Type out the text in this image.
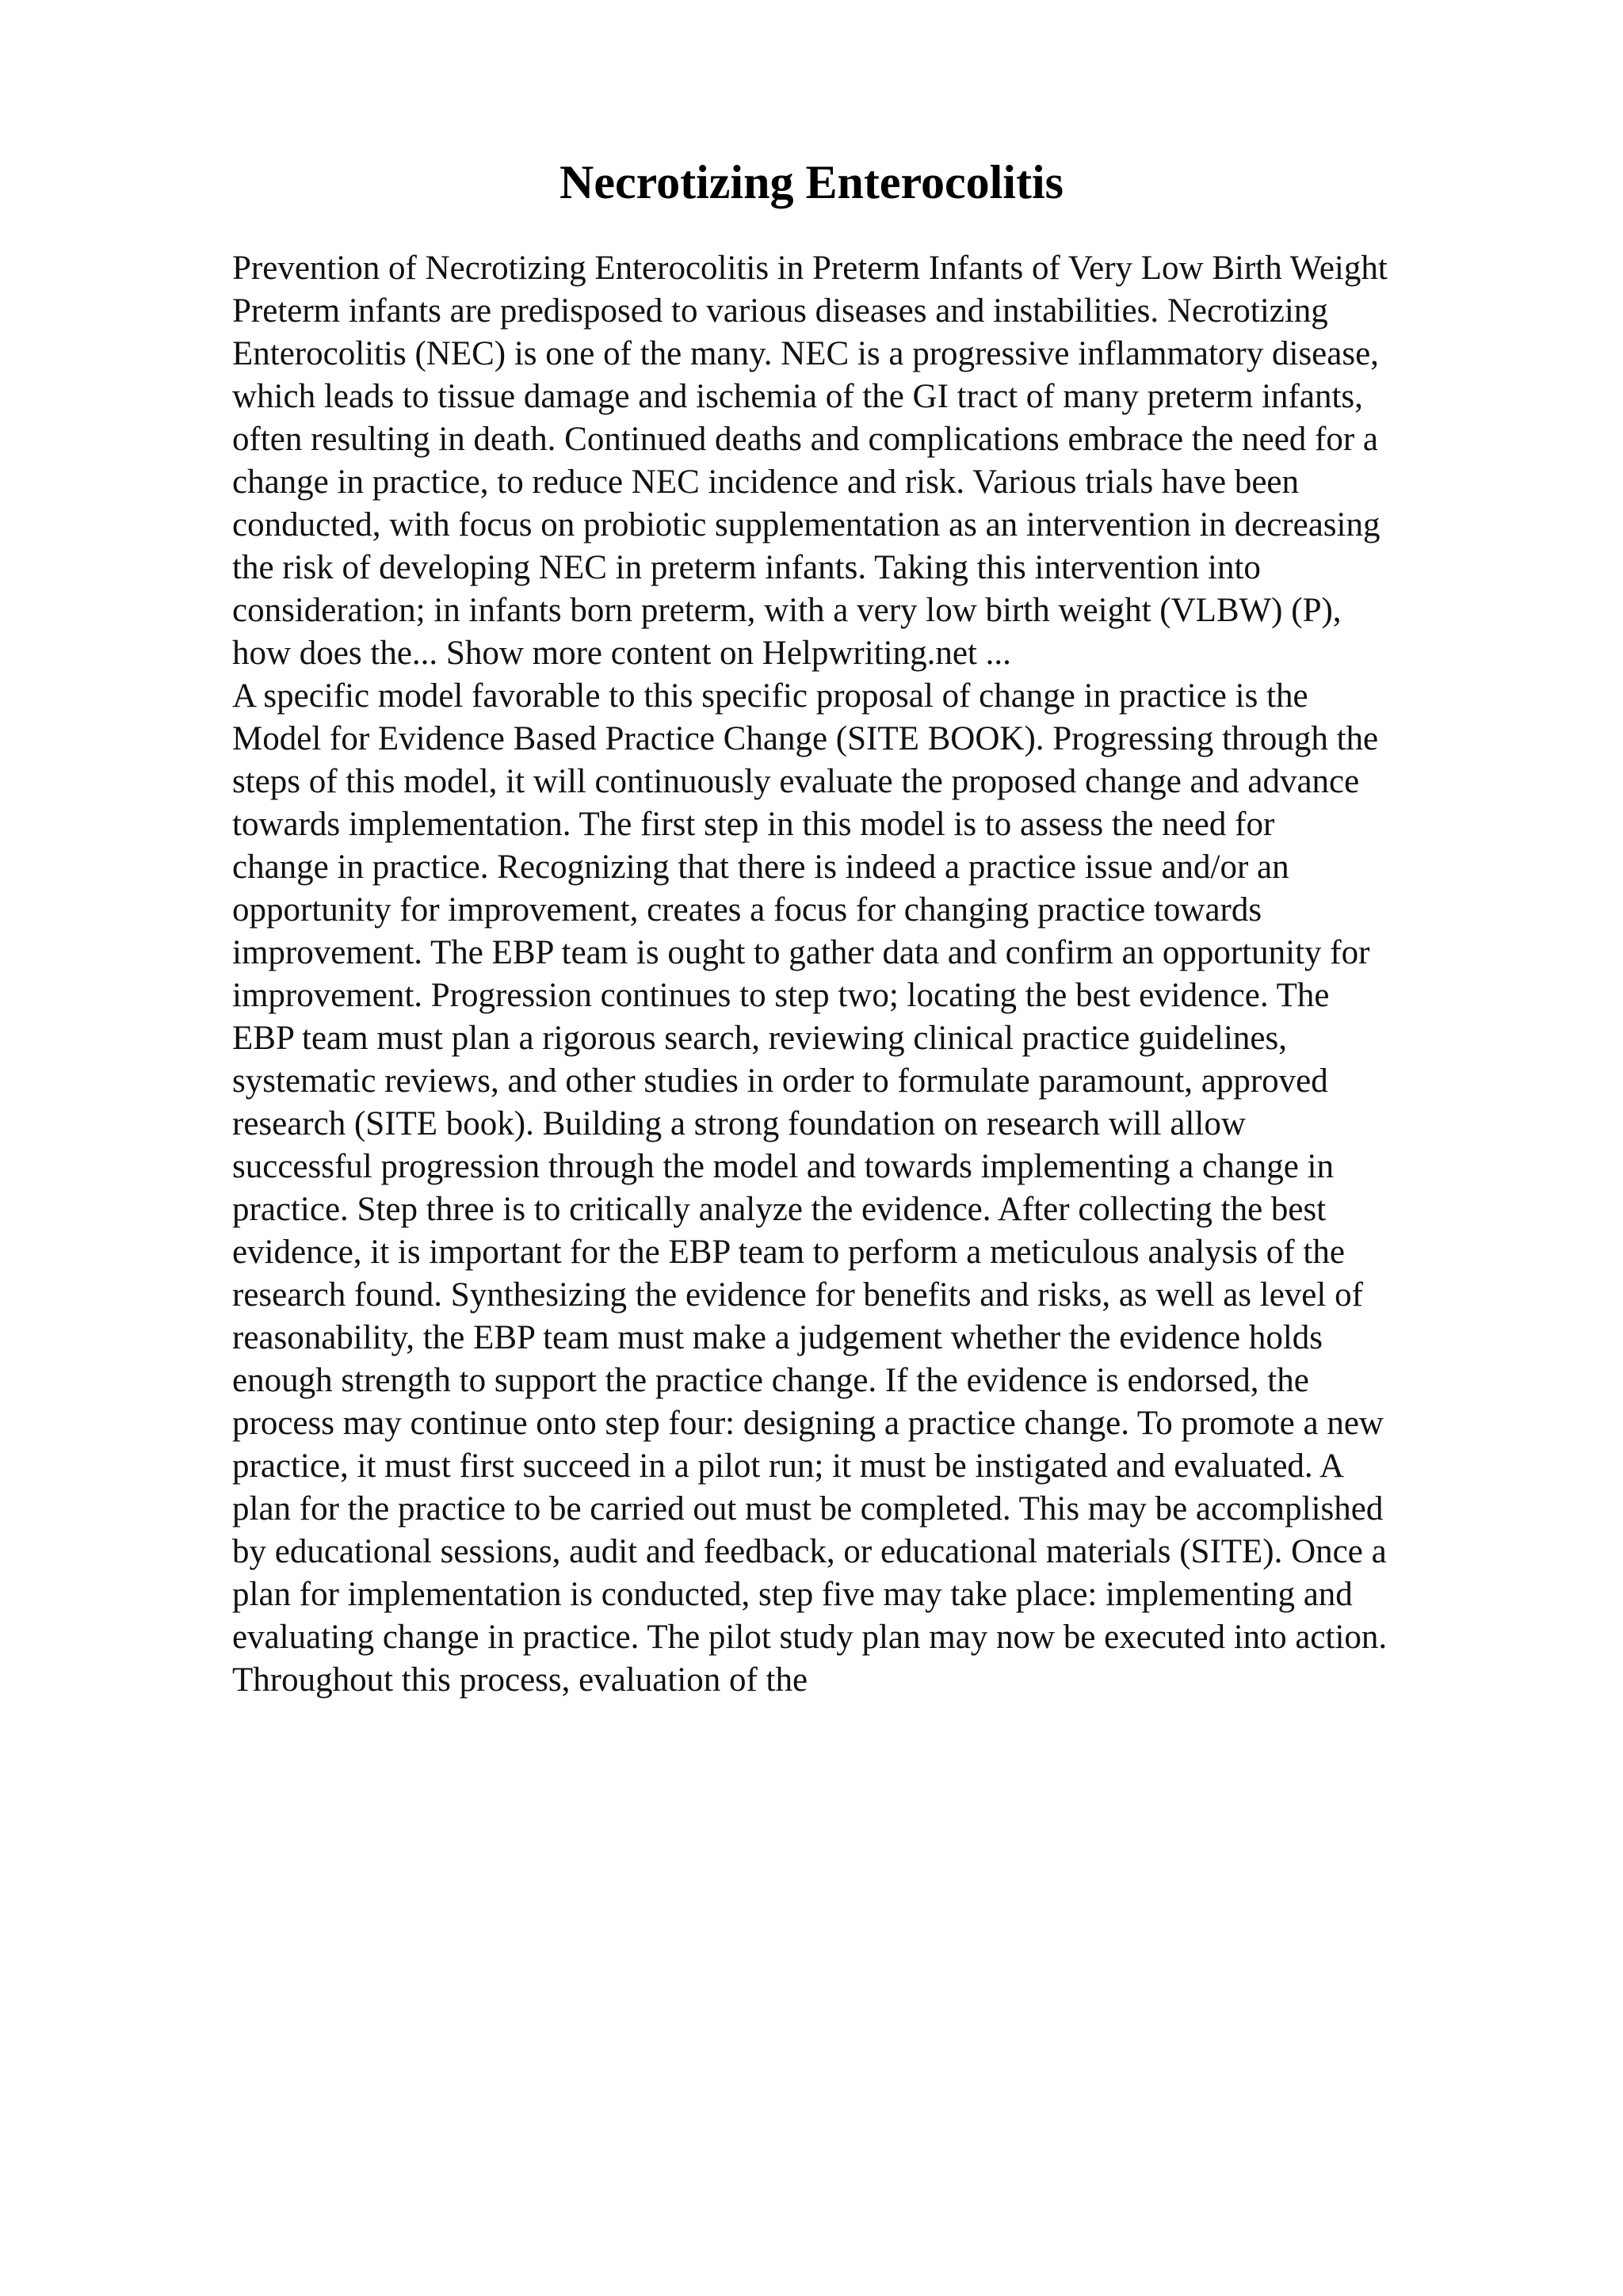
Necrotizing Enterocolitis
Prevention of Necrotizing Enterocolitis in Preterm Infants of Very Low Birth Weight
Preterm infants are predisposed to various diseases and instabilities. Necrotizing
Enterocolitis (NEC) is one of the many. NEC is a progressive inflammatory disease,
which leads to tissue damage and ischemia of the GI tract of many preterm infants,
often resulting in death. Continued deaths and complications embrace the need for a
change in practice, to reduce NEC incidence and risk. Various trials have been
conducted, with focus on probiotic supplementation as an intervention in decreasing
the risk of developing NEC in preterm infants. Taking this intervention into
consideration; in infants born preterm, with a very low birth weight (VLBW) (P),
how does the... Show more content on Helpwriting.net ...
A specific model favorable to this specific proposal of change in practice is the
Model for Evidence Based Practice Change (SITE BOOK). Progressing through the
steps of this model, it will continuously evaluate the proposed change and advance
towards implementation. The first step in this model is to assess the need for
change in practice. Recognizing that there is indeed a practice issue and/or an
opportunity for improvement, creates a focus for changing practice towards
improvement. The EBP team is ought to gather data and confirm an opportunity for
improvement. Progression continues to step two; locating the best evidence. The
EBP team must plan a rigorous search, reviewing clinical practice guidelines,
systematic reviews, and other studies in order to formulate paramount, approved
research (SITE book). Building a strong foundation on research will allow
successful progression through the model and towards implementing a change in
practice. Step three is to critically analyze the evidence. After collecting the best
evidence, it is important for the EBP team to perform a meticulous analysis of the
research found. Synthesizing the evidence for benefits and risks, as well as level of
reasonability, the EBP team must make a judgement whether the evidence holds
enough strength to support the practice change. If the evidence is endorsed, the
process may continue onto step four: designing a practice change. To promote a new
practice, it must first succeed in a pilot run; it must be instigated and evaluated. A
plan for the practice to be carried out must be completed. This may be accomplished
by educational sessions, audit and feedback, or educational materials (SITE). Once a
plan for implementation is conducted, step five may take place: implementing and
evaluating change in practice. The pilot study plan may now be executed into action.
Throughout this process, evaluation of the
